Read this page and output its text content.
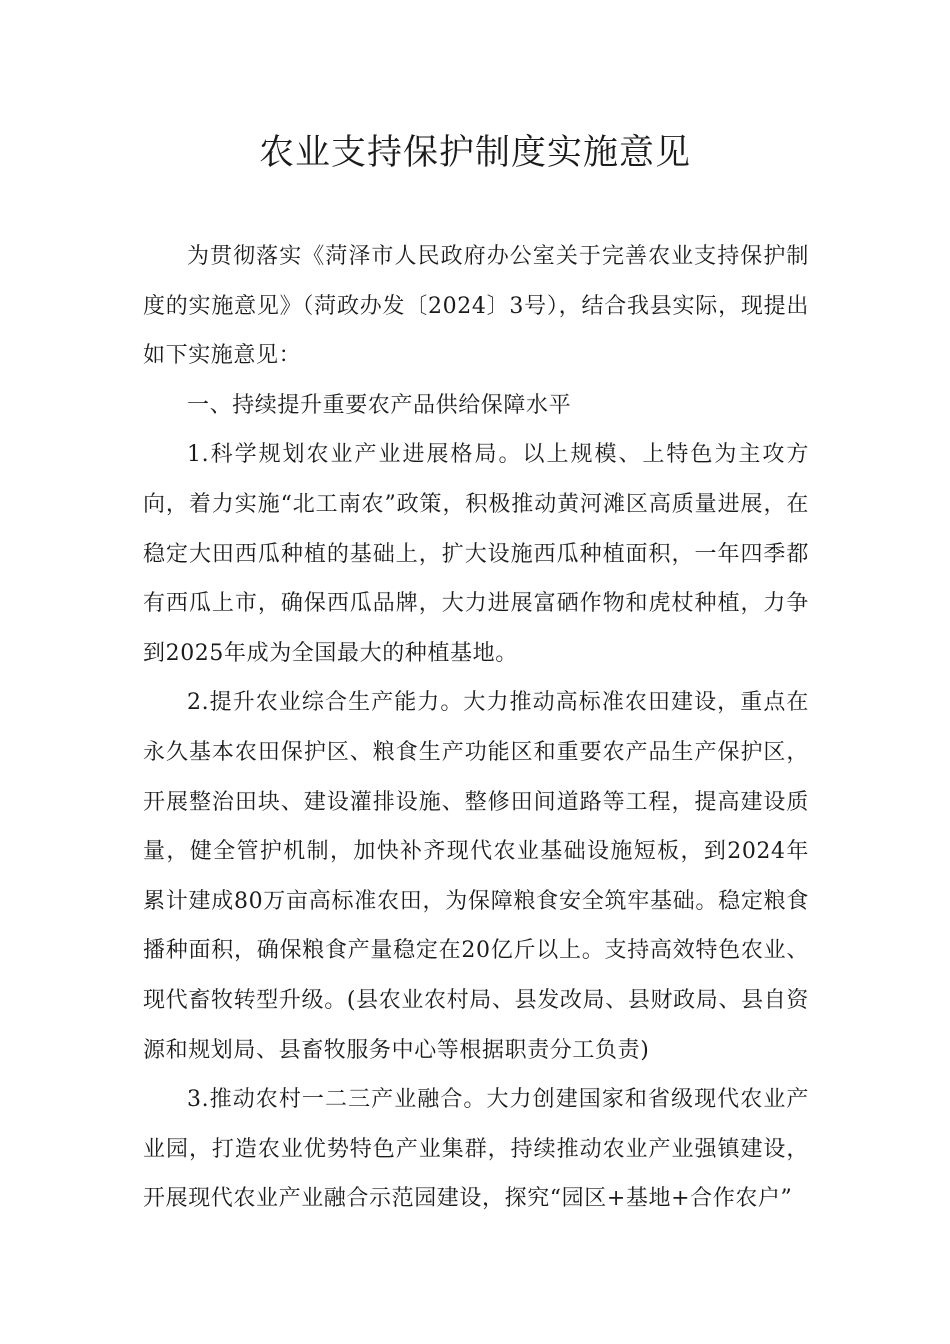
农业支持保护制度实施意见

为贯彻落实《菏泽市人民政府办公室关于完善农业支持保护制度的实施意见》（菏政办发〔2024〕3号），结合我县实际，现提出如下实施意见：

一、持续提升重要农产品供给保障水平

1.科学规划农业产业进展格局。以上规模、上特色为主攻方向，着力实施“北工南农”政策，积极推动黄河滩区高质量进展，在稳定大田西瓜种植的基础上，扩大设施西瓜种植面积，一年四季都有西瓜上市，确保西瓜品牌，大力进展富硒作物和虎杖种植，力争到2025年成为全国最大的种植基地。

2.提升农业综合生产能力。大力推动高标准农田建设，重点在永久基本农田保护区、粮食生产功能区和重要农产品生产保护区，开展整治田块、建设灌排设施、整修田间道路等工程，提高建设质量，健全管护机制，加快补齐现代农业基础设施短板，到2024年累计建成80万亩高标准农田，为保障粮食安全筑牢基础。稳定粮食播种面积，确保粮食产量稳定在20亿斤以上。支持高效特色农业、现代畜牧转型升级。(县农业农村局、县发改局、县财政局、县自资源和规划局、县畜牧服务中心等根据职责分工负责)

3.推动农村一二三产业融合。大力创建国家和省级现代农业产业园，打造农业优势特色产业集群，持续推动农业产业强镇建设，开展现代农业产业融合示范园建设，探究“园区+基地+合作农户”
